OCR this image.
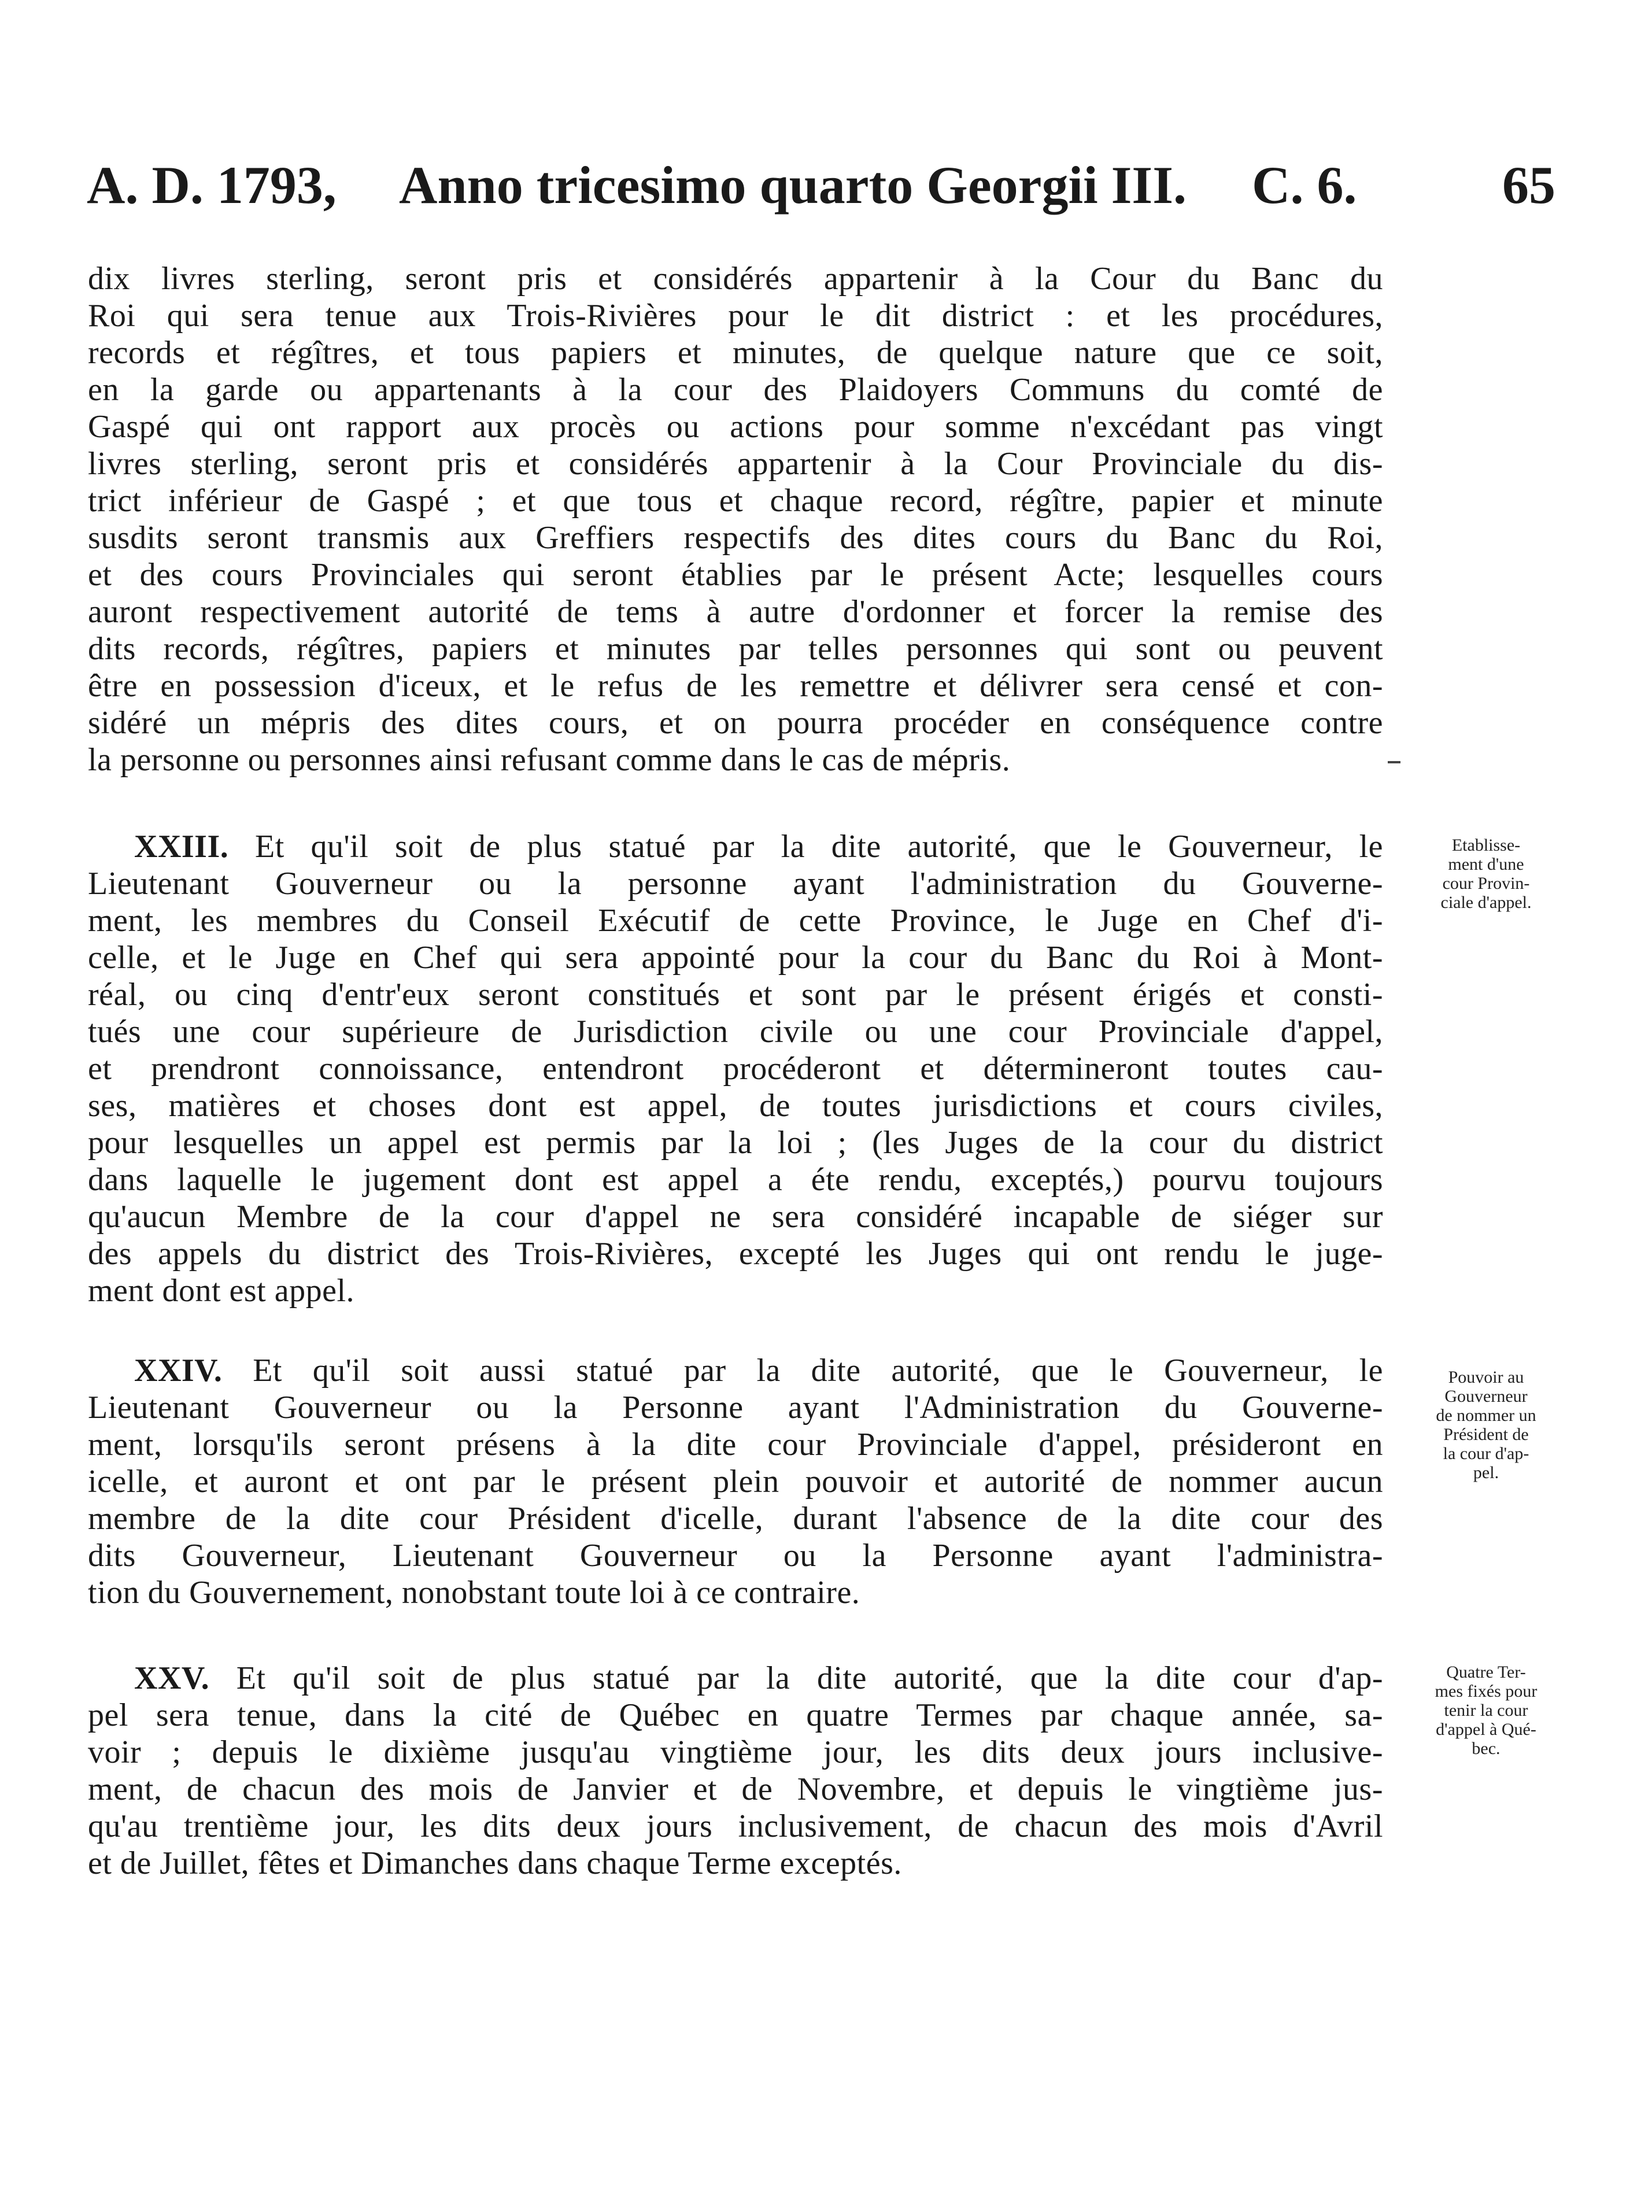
A. D. 1793, Anno tricesimo quarto Georgii III. C. 6.	65
dix livres sterling, seront pris et considérés appartenir à la Cour du Banc du
Roi qui sera tenue aux Trois-Rivières pour le dit district : et les procédures,
records et régîtres, et tous papiers et minutes, de quelque nature que ce soit,
en la garde ou appartenants à la cour des Plaidoyers Communs du comté de
Gaspé qui ont rapport aux procès ou actions pour somme n'excédant pas vingt
livres sterling, seront pris et considérés appartenir à la Cour Provinciale du dis-
trict inférieur de Gaspé ; et que tous et chaque record, régître, papier et minute
susdits seront transmis aux Greffiers respectifs des dites cours du Banc du Roi,
et des cours Provinciales qui seront établies par le présent Acte; lesquelles cours
auront respectivement autorité de tems à autre d'ordonner et forcer la remise des
dits records, régîtres, papiers et minutes par telles personnes qui sont ou peuvent
être en possession d'iceux, et le refus de les remettre et délivrer sera censé et con-
sidéré un mépris des dites cours, et on pourra procéder en conséquence contre
la personne ou personnes ainsi refusant comme dans le cas de mépris.
XXIII. Et qu'il soit de plus statué par la dite autorité, que le Gouverneur, le
Lieutenant Gouverneur ou la personne ayant l'administration du Gouverne-
ment, les membres du Conseil Exécutif de cette Province, le Juge en Chef d'i-
celle, et le Juge en Chef qui sera appointé pour la cour du Banc du Roi à Mont-
réal, ou cinq d'entr'eux seront constitués et sont par le présent érigés et consti-
tués une cour supérieure de Jurisdiction civile ou une cour Provinciale d'appel,
et prendront connoissance, entendront procéderont et détermineront toutes cau-
ses, matières et choses dont est appel, de toutes jurisdictions et cours civiles,
pour lesquelles un appel est permis par la loi ; (les Juges de la cour du district
dans laquelle le jugement dont est appel a éte rendu, exceptés,) pourvu toujours
qu'aucun Membre de la cour d'appel ne sera considéré incapable de siéger sur
des appels du district des Trois-Rivières, excepté les Juges qui ont rendu le juge-
ment dont est appel.
XXIV. Et qu'il soit aussi statué par la dite autorité, que le Gouverneur, le
Lieutenant Gouverneur ou la Personne ayant l'Administration du Gouverne-
ment, lorsqu'ils seront présens à la dite cour Provinciale d'appel, présideront en
icelle, et auront et ont par le présent plein pouvoir et autorité de nommer aucun
membre de la dite cour Président d'icelle, durant l'absence de la dite cour des
dits Gouverneur, Lieutenant Gouverneur ou la Personne ayant l'administra-
tion du Gouvernement, nonobstant toute loi à ce contraire.
XXV. Et qu'il soit de plus statué par la dite autorité, que la dite cour d'ap-
pel sera tenue, dans la cité de Québec en quatre Termes par chaque année, sa-
voir ; depuis le dixième jusqu'au vingtième jour, les dits deux jours inclusive-
ment, de chacun des mois de Janvier et de Novembre, et depuis le vingtième jus-
qu'au trentième jour, les dits deux jours inclusivement, de chacun des mois d'Avril
et de Juillet, fêtes et Dimanches dans chaque Terme exceptés.
Etablisse-
ment d'une
cour Provin-
ciale d'appel.
Pouvoir au
Gouverneur
de nommer un
Président de
la cour d'ap-
pel.
Quatre Ter-
mes fixés pour
tenir la cour
d'appel à Qué-
bec.
